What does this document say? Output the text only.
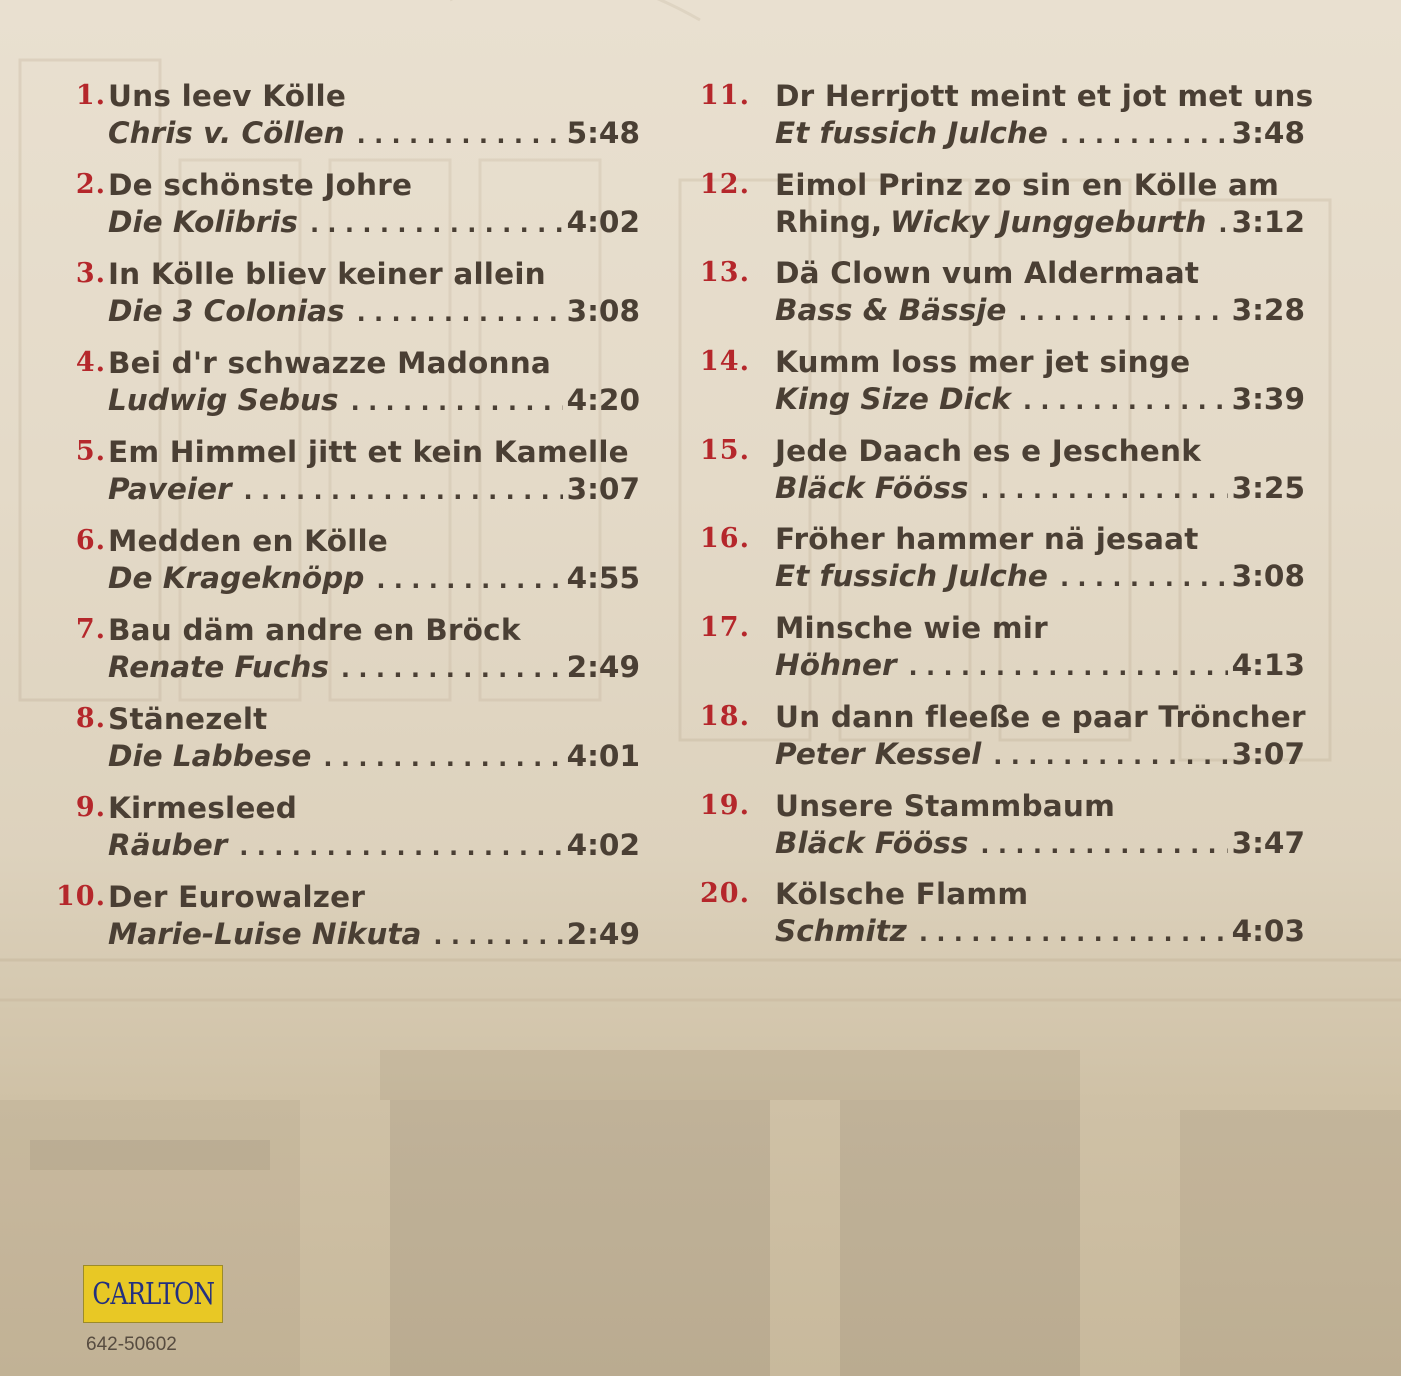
1. Uns leev Kölle
Chris v. Cöllen . . .	5:48
2. De schönste Johre
Die Kolibris . . .	4:02
3. In Kölle bliev keiner allein
Die 3 Colonias . . .	3:08
4. Bei d'r schwazze Madonna
Ludwig Sebus . . .	4:20
5. Em Himmel jitt et kein Kamelle
Paveier . . .	3:07
6. Medden en Kölle
De Krageknöpp . . .	4:55
7. Bau däm andre en Bröck
Renate Fuchs . . .	2:49
8. Stänezelt
Die Labbese . . .	4:01
9. Kirmesleed
Räuber . . .	4:02
10. Der Eurowalzer
Marie-Luise Nikuta . . .	2:49
11. Dr Herrjott meint et jot met uns
Et fussich Julche . . .	3:48
12. Eimol Prinz zo sin en Kölle am
Rhing, Wicky Junggeburth . . . 3:12
13. Dä Clown vum Aldermaat
Bass & Bässje . . .	3:28
14. Kumm loss mer jet singe
King Size Dick . . .	3:39
15. Jede Daach es e Jeschenk
Bläck Fööss . . .	3:25
16. Fröher hammer nä jesaat
Et fussich Julche . . .	3:08
17. Minsche wie mir
Höhner . . .	4:13
18. Un dann fleeße e paar Tröncher
Peter Kessel . . .	3:07
19. Unsere Stammbaum
Bläck Fööss . . .	3:47
20. Kölsche Flamm
Schmitz . . .	4:03
CARLTON
642-50602
